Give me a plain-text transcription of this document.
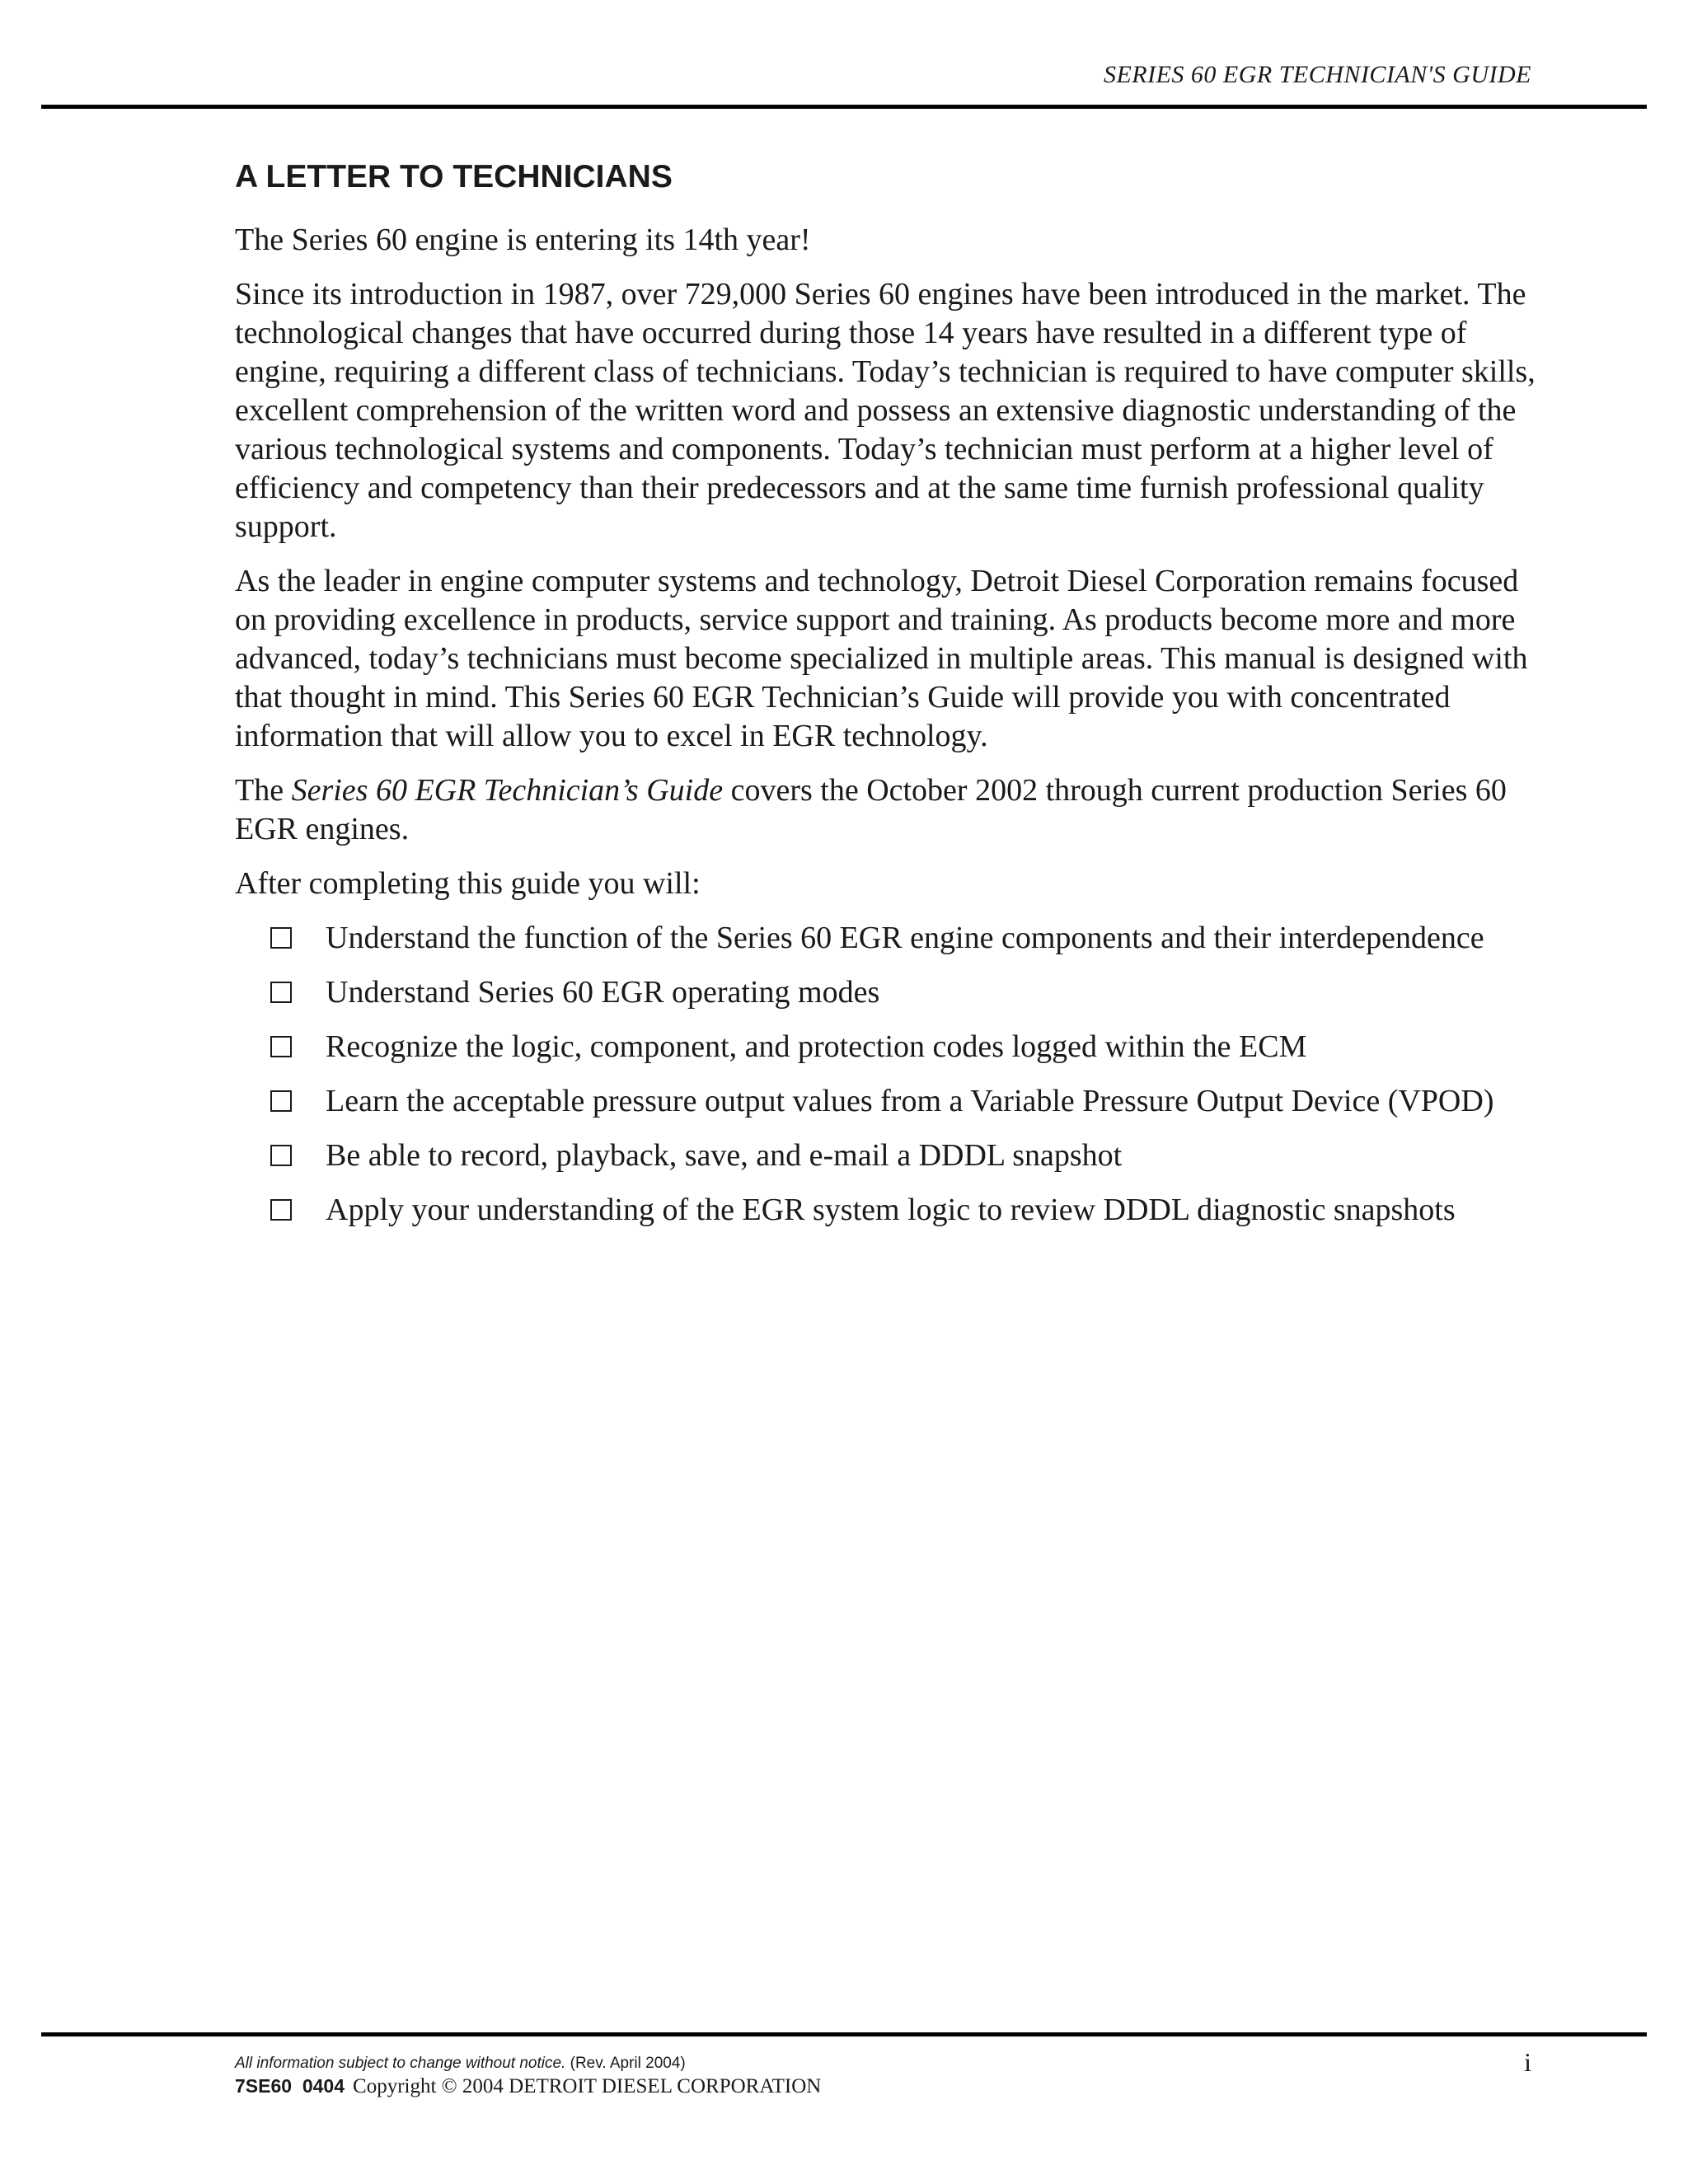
SERIES 60 EGR TECHNICIAN'S GUIDE
A LETTER TO TECHNICIANS

The Series 60 engine is entering its 14th year!

Since its introduction in 1987, over 729,000 Series 60 engines have been introduced in the market. The technological changes that have occurred during those 14 years have resulted in a different type of engine, requiring a different class of technicians. Today’s technician is required to have computer skills, excellent comprehension of the written word and possess an extensive diagnostic understanding of the various technological systems and components. Today’s technician must perform at a higher level of efficiency and competency than their predecessors and at the same time furnish professional quality support.

As the leader in engine computer systems and technology, Detroit Diesel Corporation remains focused on providing excellence in products, service support and training. As products become more and more advanced, today’s technicians must become specialized in multiple areas. This manual is designed with that thought in mind. This Series 60 EGR Technician’s Guide will provide you with concentrated information that will allow you to excel in EGR technology.

The Series 60 EGR Technician’s Guide covers the October 2002 through current production Series 60 EGR engines.

After completing this guide you will:

Understand the function of the Series 60 EGR engine components and their interdependence
Understand Series 60 EGR operating modes
Recognize the logic, component, and protection codes logged within the ECM
Learn the acceptable pressure output values from a Variable Pressure Output Device (VPOD)
Be able to record, playback, save, and e-mail a DDDL snapshot
Apply your understanding of the EGR system logic to review DDDL diagnostic snapshots
All information subject to change without notice. (Rev. April 2004)
7SE60  0404 Copyright © 2004 DETROIT DIESEL CORPORATION
i
